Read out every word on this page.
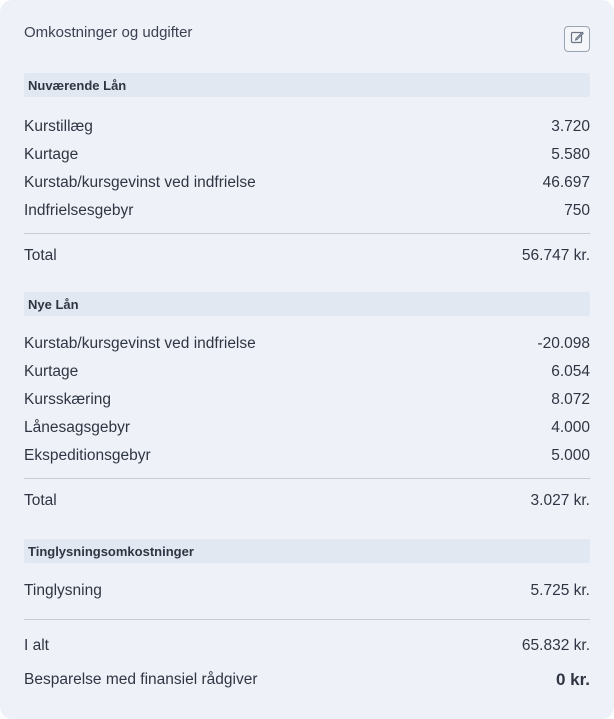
Omkostninger og udgifter
Nuværende Lån
Kurstillæg	3.720
Kurtage	5.580
Kurstab/kursgevinst ved indfrielse	46.697
Indfrielsesgebyr	750
Total	56.747 kr.
Nye Lån
Kurstab/kursgevinst ved indfrielse	-20.098
Kurtage	6.054
Kursskæring	8.072
Lånesagsgebyr	4.000
Ekspeditionsgebyr	5.000
Total	3.027 kr.
Tinglysningsomkostninger
Tinglysning	5.725 kr.
I alt	65.832 kr.
Besparelse med finansiel rådgiver	0 kr.
